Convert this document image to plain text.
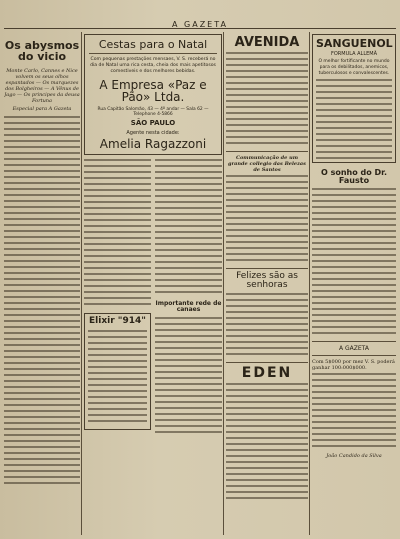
A GAZETA
Os abysmos do vicio
Monte Carlo, Cannes e Nice volvem os seus olhos espantados — Os marquezes dos Bolgheiros — A Vênus de Jago — Os principes da deusa Fortuna
Especial para A Gazeta
Cestas para o Natal
Com pequenas prestações mensaes, V. S. receberá no dia de Natal uma rica cesta, cheia dos mais apetitosos comestiveis e dos melhores bebidas.
A Empresa «Paz e Pão» Ltda.
Rua Capitão Salomão, 43 — 4º andar — Sala 62 — Telephone 4-5866
SÃO PAULO
Agente nesta cidade:
Amelia Ragazzoni
Elixir "914"
Importante rede de canaes
AVENIDA
Communicação de um grande collegio das Belezas de Santos
Felizes são as senhoras
EDEN
SANGUENOL
FORMULA ALLEMÃ
O melhor fortificante no mundo para os debilitados, anemicos, tuberculosos e convalescentes.
O sonho do Dr. Fausto
A GAZETA
Com 5$000 por mez V. S. poderá ganhar 100:000$000.
João Candido da Silva
